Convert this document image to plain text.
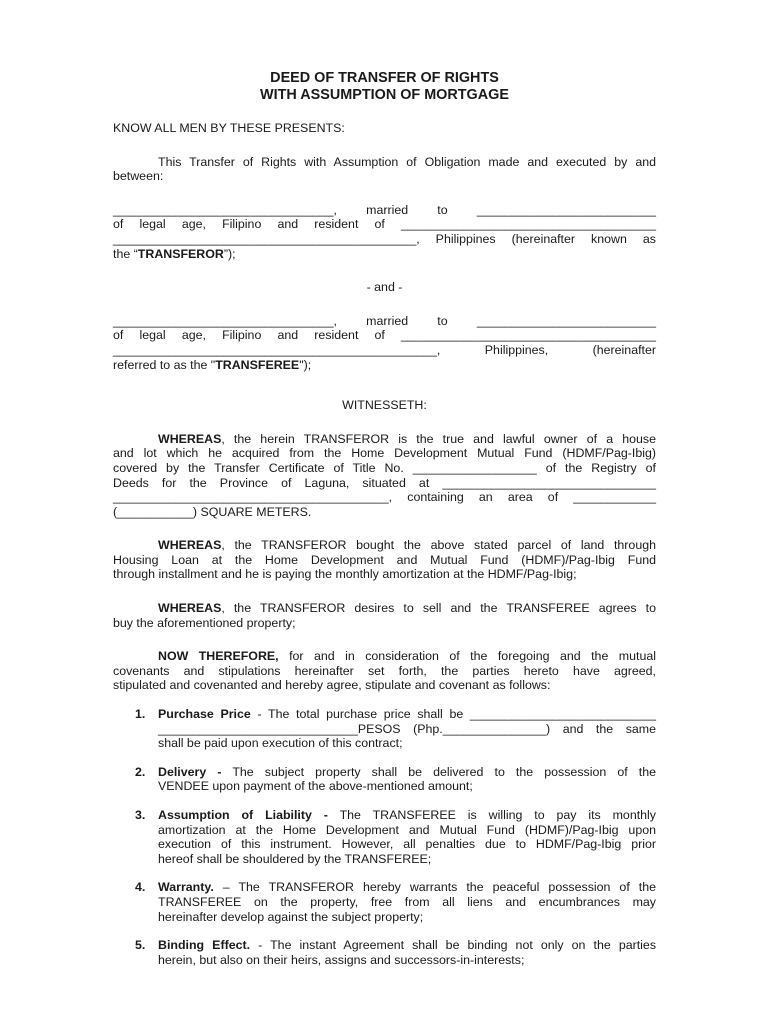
DEED OF TRANSFER OF RIGHTS
WITH ASSUMPTION OF MORTGAGE

KNOW ALL MEN BY THESE PRESENTS:

This Transfer of Rights with Assumption of Obligation made and executed by and

between:

________________________________, married to __________________________

of legal age, Filipino and resident of _____________________________________

____________________________________________, Philippines (hereinafter known as

the “TRANSFEROR”);

- and -

________________________________, married to __________________________

of legal age, Filipino and resident of _____________________________________

_______________________________________________, Philippines, (hereinafter

referred to as the "TRANSFEREE");

WITNESSETH:

WHEREAS, the herein TRANSFEROR is the true and lawful owner of a house

and lot which he acquired from the Home Development Mutual Fund (HDMF/Pag-Ibig)

covered by the Transfer Certificate of Title No. __________________ of the Registry of

Deeds for the Province of Laguna, situated at _______________________________

________________________________________, containing an area of ____________

(___________) SQUARE METERS.

WHEREAS, the TRANSFEROR bought the above stated parcel of land through

Housing Loan at the Home Development and Mutual Fund (HDMF)/Pag-Ibig Fund

through installment and he is paying the monthly amortization at the HDMF/Pag-Ibig;

WHEREAS, the TRANSFEROR desires to sell and the TRANSFEREE agrees to

buy the aforementioned property;

NOW THEREFORE, for and in consideration of the foregoing and the mutual

covenants and stipulations hereinafter set forth, the parties hereto have agreed,

stipulated and covenanted and hereby agree, stipulate and covenant as follows:

1. Purchase Price - The total purchase price shall be ___________________________
_____________________________PESOS (Php._______________) and the same
shall be paid upon execution of this contract;
2. Delivery - The subject property shall be delivered to the possession of the
VENDEE upon payment of the above-mentioned amount;
3. Assumption of Liability - The TRANSFEREE is willing to pay its monthly
amortization at the Home Development and Mutual Fund (HDMF)/Pag-Ibig upon
execution of this instrument. However, all penalties due to HDMF/Pag-Ibig prior
hereof shall be shouldered by the TRANSFEREE;
4. Warranty. – The TRANSFEROR hereby warrants the peaceful possession of the
TRANSFEREE on the property, free from all liens and encumbrances may
hereinafter develop against the subject property;
5. Binding Effect. - The instant Agreement shall be binding not only on the parties
herein, but also on their heirs, assigns and successors-in-interests;
